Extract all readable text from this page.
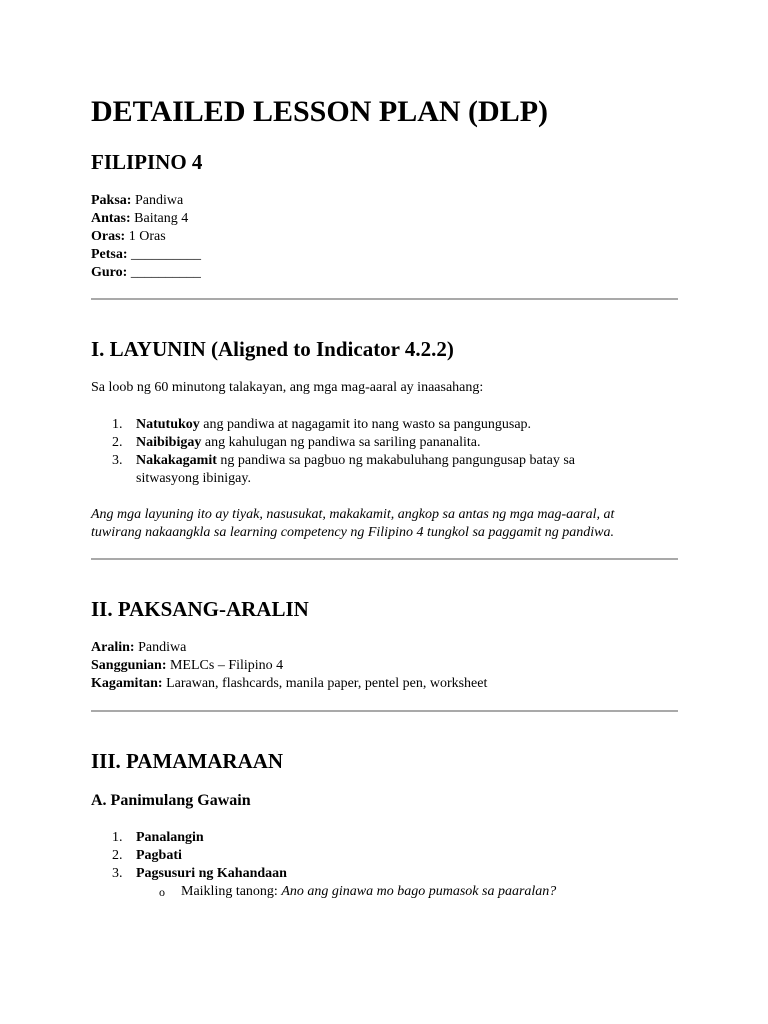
DETAILED LESSON PLAN (DLP)
FILIPINO 4
Paksa: Pandiwa
Antas: Baitang 4
Oras: 1 Oras
Petsa: __________
Guro: __________
I. LAYUNIN (Aligned to Indicator 4.2.2)
Sa loob ng 60 minutong talakayan, ang mga mag-aaral ay inaasahang:
1. Natutukoy ang pandiwa at nagagamit ito nang wasto sa pangungusap.
2. Naibibigay ang kahulugan ng pandiwa sa sariling pananalita.
3. Nakakagamit ng pandiwa sa pagbuo ng makabuluhang pangungusap batay sa sitwasyong ibinigay.
Ang mga layuning ito ay tiyak, nasusukat, makakamit, angkop sa antas ng mga mag-aaral, at tuwirang nakaangkla sa learning competency ng Filipino 4 tungkol sa paggamit ng pandiwa.
II. PAKSANG-ARALIN
Aralin: Pandiwa
Sanggunian: MELCs – Filipino 4
Kagamitan: Larawan, flashcards, manila paper, pentel pen, worksheet
III. PAMAMARAAN
A. Panimulang Gawain
1. Panalangin
2. Pagbati
3. Pagsusuri ng Kahandaan
o Maikling tanong: Ano ang ginawa mo bago pumasok sa paaralan?
